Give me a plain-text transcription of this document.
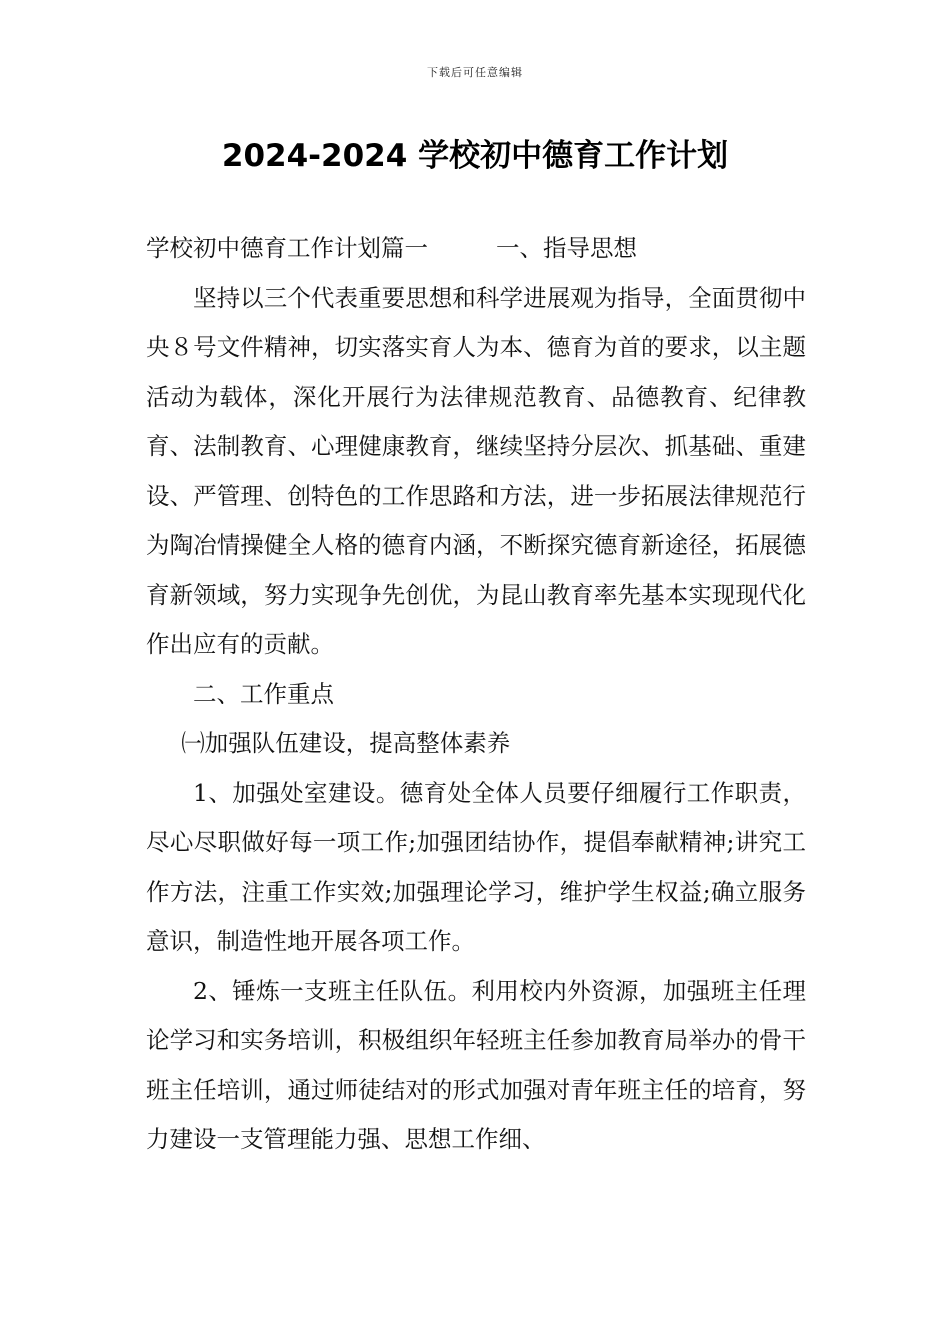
下载后可任意编辑
2024-2024 学校初中德育工作计划

学校初中德育工作计划篇一	一、指导思想

坚持以三个代表重要思想和科学进展观为指导，全面贯彻中央８号文件精神，切实落实育人为本、德育为首的要求，以主题活动为载体，深化开展行为法律规范教育、品德教育、纪律教育、法制教育、心理健康教育，继续坚持分层次、抓基础、重建设、严管理、创特色的工作思路和方法，进一步拓展法律规范行为陶冶情操健全人格的德育内涵，不断探究德育新途径，拓展德育新领域，努力实现争先创优，为昆山教育率先基本实现现代化作出应有的贡献。

二、工作重点

㈠加强队伍建设，提高整体素养

1、加强处室建设。德育处全体人员要仔细履行工作职责，尽心尽职做好每一项工作;加强团结协作，提倡奉献精神;讲究工作方法，注重工作实效;加强理论学习，维护学生权益;确立服务意识，制造性地开展各项工作。

2、锤炼一支班主任队伍。利用校内外资源，加强班主任理论学习和实务培训，积极组织年轻班主任参加教育局举办的骨干班主任培训，通过师徒结对的形式加强对青年班主任的培育，努力建设一支管理能力强、思想工作细、
